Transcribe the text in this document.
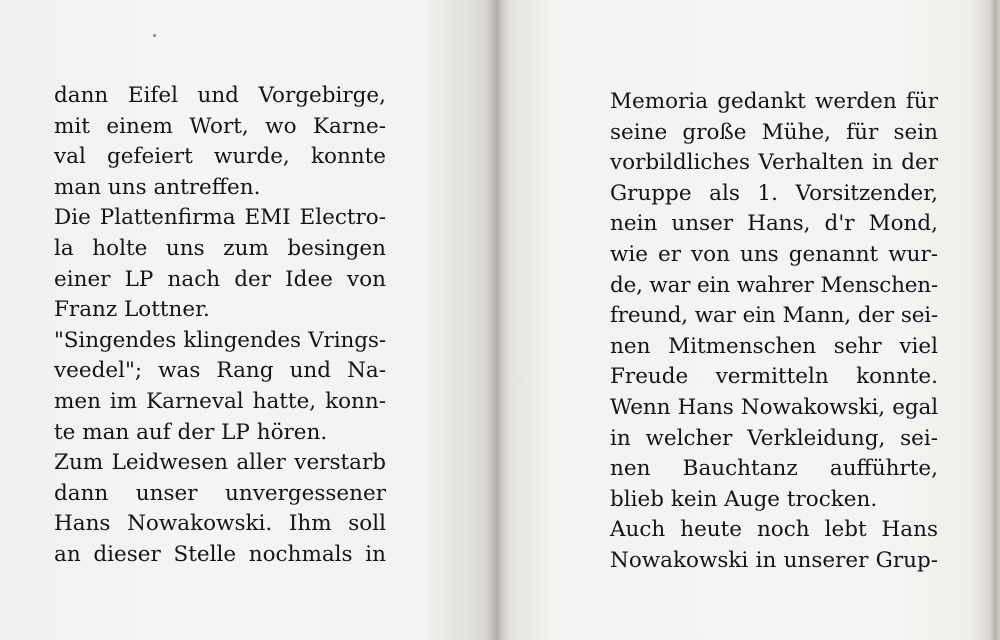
dann Eifel und Vorgebirge,
mit einem Wort, wo Karne-
val gefeiert wurde, konnte
man uns antreffen.
Die Plattenfirma EMI Electro-
la holte uns zum besingen
einer LP nach der Idee von
Franz Lottner.
"Singendes klingendes Vrings-
veedel"; was Rang und Na-
men im Karneval hatte, konn-
te man auf der LP hören.
Zum Leidwesen aller verstarb
dann unser unvergessener
Hans Nowakowski. Ihm soll
an dieser Stelle nochmals in
Memoria gedankt werden für
seine große Mühe, für sein
vorbildliches Verhalten in der
Gruppe als 1. Vorsitzender,
nein unser Hans, d'r Mond,
wie er von uns genannt wur-
de, war ein wahrer Menschen-
freund, war ein Mann, der sei-
nen Mitmenschen sehr viel
Freude vermitteln konnte.
Wenn Hans Nowakowski, egal
in welcher Verkleidung, sei-
nen Bauchtanz aufführte,
blieb kein Auge trocken.
Auch heute noch lebt Hans
Nowakowski in unserer Grup-
